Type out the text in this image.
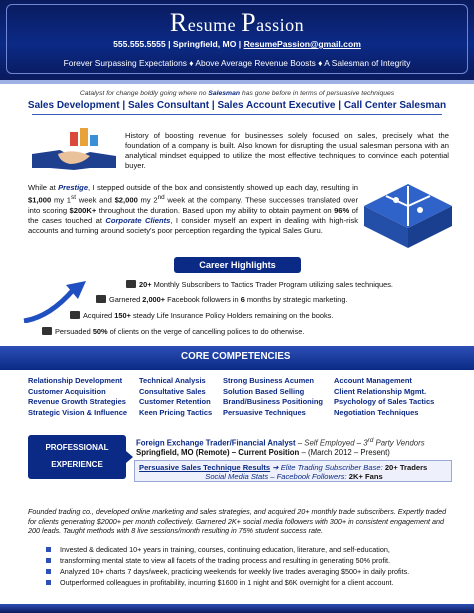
Resume Passion
555.555.5555 | Springfield, MO | ResumePassion@gmail.com
Forever Surpassing Expectations ♦ Above Average Revenue Boosts ♦ A Salesman of Integrity
Catalyst for change boldly going where no Salesman has gone before in terms of persuasive techniques
Sales Development | Sales Consultant | Sales Account Executive | Call Center Salesman
History of boosting revenue for businesses solely focused on sales, precisely what the foundation of a company is built. Also known for disrupting the usual salesman persona with an analytical mindset equipped to utilize the most effective techniques to convince each potential buyer.
While at Prestige, I stepped outside of the box and consistently showed up each day, resulting in $1,000 my 1st week and $2,000 my 2nd week at the company. These successes translated over into scoring $200K+ throughout the duration. Based upon my ability to obtain payment on 96% of the cases touched at Corporate Clients, I consider myself an expert in dealing with high-risk accounts and turning around society's poor perception regarding the typical Sales Guru.
Career Highlights
20+ Monthly Subscribers to Tactics Trader Program utilizing sales techniques.
Garnered 2,000+ Facebook followers in 6 months by strategic marketing.
Acquired 150+ steady Life Insurance Policy Holders remaining on the books.
Persuaded 50% of clients on the verge of cancelling polices to do otherwise.
CORE COMPETENCIES
Relationship Development
Customer Acquisition
Revenue Growth Strategies
Strategic Vision & Influence
Technical Analysis
Consultative Sales
Customer Retention
Keen Pricing Tactics
Strong Business Acumen
Solution Based Selling
Brand/Business Positioning
Persuasive Techniques
Account Management
Client Relationship Mgmt.
Psychology of Sales Tactics
Negotiation Techniques
PROFESSIONAL
EXPERIENCE
Foreign Exchange Trader/Financial Analyst – Self Employed – 3rd Party Vendors
Springfield, MO (Remote) – Current Position – (March 2012 – Present)
Persuasive Sales Technique Results ➔ Elite Trading Subscriber Base: 20+ Traders
Social Media Stats – Facebook Followers: 2K+ Fans
Founded trading co., developed online marketing and sales strategies, and acquired 20+ monthly trade subscribers. Expertly traded for clients generating $2000+ per month collectively. Garnered 2K+ social media followers with 300+ in consistent engagement and 200 leads. Taught methods with 8 live sessions/month resulting in 75% student success rate.
Invested & dedicated 10+ years in training, courses, continuing education, literature, and self-education,
transforming mental state to view all facets of the trading process and resulting in generating 50% profit.
Analyzed 10+ charts 7 days/week, practicing weekends for weekly live trades averaging $500+ in daily profits.
Outperformed colleagues in profitability, incurring $1600 in 1 night and $6K overnight for a client account.
